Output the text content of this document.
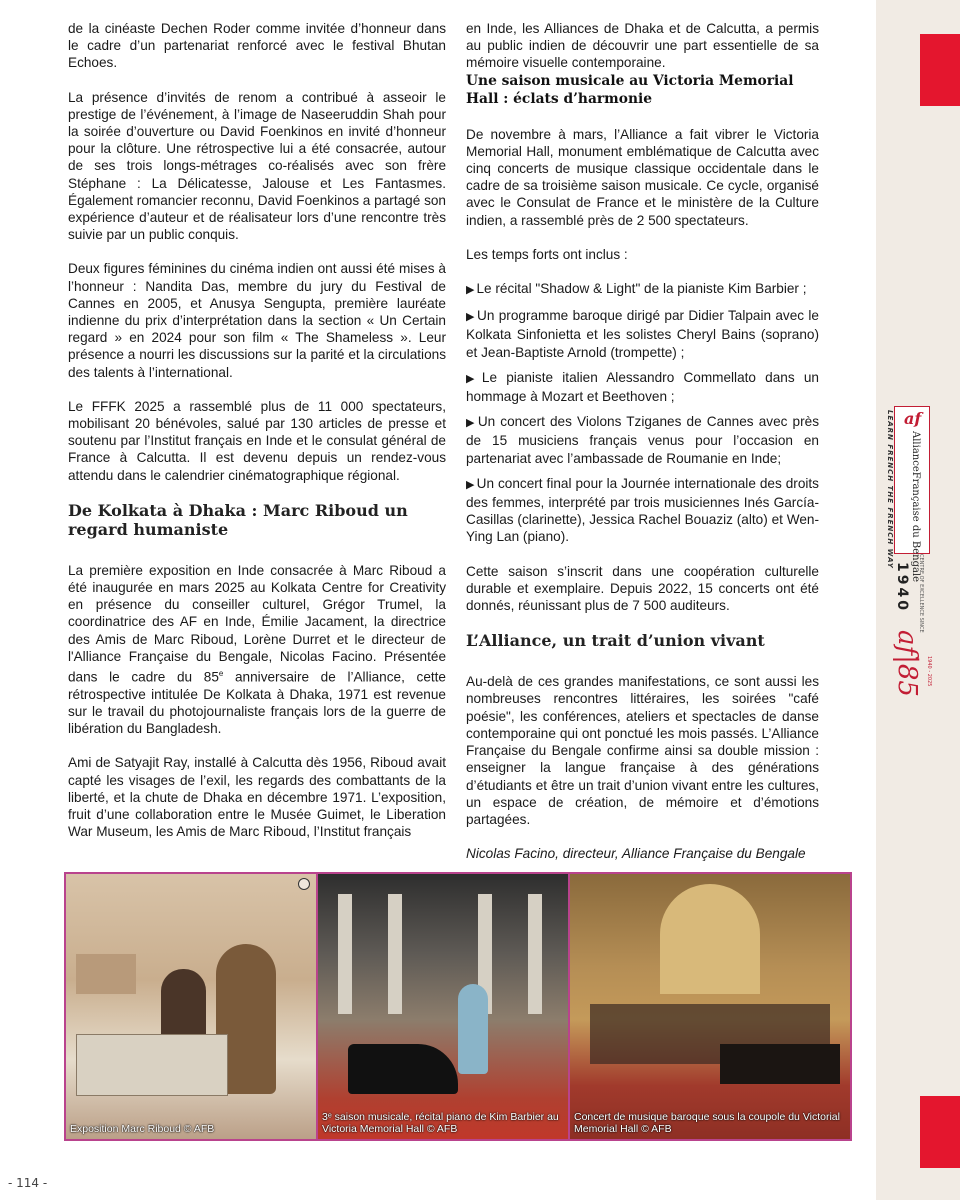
de la cinéaste Dechen Roder comme invitée d’honneur dans le cadre d’un partenariat renforcé avec le festival Bhutan Echoes.

La présence d’invités de renom a contribué à asseoir le prestige de l’événement, à l’image de Naseeruddin Shah pour la soirée d’ouverture ou David Foenkinos en invité d’honneur pour la clôture. Une rétrospective lui a été consacrée, autour de ses trois longs-métrages co-réalisés avec son frère Stéphane : La Délicatesse, Jalouse et Les Fantasmes. Également romancier reconnu, David Foenkinos a partagé son expérience d’auteur et de réalisateur lors d’une rencontre très suivie par un public conquis.

Deux figures féminines du cinéma indien ont aussi été mises à l’honneur : Nandita Das, membre du jury du Festival de Cannes en 2005, et Anusya Sengupta, première lauréate indienne du prix d’interprétation dans la section « Un Certain regard » en 2024 pour son film « The Shameless ». Leur présence a nourri les discussions sur la parité et la circulations des talents à l’international.

Le FFFK 2025 a rassemblé plus de 11 000 spectateurs, mobilisant 20 bénévoles, salué par 130 articles de presse et soutenu par l’Institut français en Inde et le consulat général de France à Calcutta. Il est devenu depuis un rendez-vous attendu dans le calendrier cinématographique régional.

De Kolkata à Dhaka : Marc Riboud un regard humaniste

La première exposition en Inde consacrée à Marc Riboud a été inaugurée en mars 2025 au Kolkata Centre for Creativity en présence du conseiller culturel, Grégor Trumel, la coordinatrice des AF en Inde, Émilie Jacament, la directrice des Amis de Marc Riboud, Lorène Durret et le directeur de l'Alliance Française du Bengale, Nicolas Facino. Présentée dans le cadre du 85e anniversaire de l’Alliance, cette rétrospective intitulée De Kolkata à Dhaka, 1971 est revenue sur le travail du photojournaliste français lors de la guerre de libération du Bangladesh.

Ami de Satyajit Ray, installé à Calcutta dès 1956, Riboud avait capté les visages de l’exil, les regards des combattants de la liberté, et la chute de Dhaka en décembre 1971. L’exposition, fruit d’une collaboration entre le Musée Guimet, le Liberation War Museum, les Amis de Marc Riboud, l’Institut français

en Inde, les Alliances de Dhaka et de Calcutta, a permis au public indien de découvrir une part essentielle de sa mémoire visuelle contemporaine.

Une saison musicale au Victoria Memorial Hall : éclats d’harmonie

De novembre à mars, l’Alliance a fait vibrer le Victoria Memorial Hall, monument emblématique de Calcutta avec cinq concerts de musique classique occidentale dans le cadre de sa troisième saison musicale. Ce cycle, organisé avec le Consulat de France et le ministère de la Culture indien, a rassemblé près de 2 500 spectateurs.

Les temps forts ont inclus :

▶ Le récital "Shadow & Light" de la pianiste Kim Barbier ;
▶ Un programme baroque dirigé par Didier Talpain avec le Kolkata Sinfonietta et les solistes Cheryl Bains (soprano) et Jean-Baptiste Arnold (trompette) ;
▶ Le pianiste italien Alessandro Commellato dans un hommage à Mozart et Beethoven ;
▶ Un concert des Violons Tziganes de Cannes avec près de 15 musiciens français venus pour l’occasion en partenariat avec l’ambassade de Roumanie en Inde;
▶ Un concert final pour la Journée internationale des droits des femmes, interprété par trois musiciennes Inés García-Casillas (clarinette), Jessica Rachel Bouaziz (alto) et Wen-Ying Lan (piano).

Cette saison s’inscrit dans une coopération culturelle durable et exemplaire. Depuis 2022, 15 concerts ont été donnés, réunissant plus de 7 500 auditeurs.

L’Alliance, un trait d’union vivant

Au-delà de ces grandes manifestations, ce sont aussi les nombreuses rencontres littéraires, les soirées "café poésie", les conférences, ateliers et spectacles de danse contemporaine qui ont ponctué les mois passés. L’Alliance Française du Bengale confirme ainsi sa double mission : enseigner la langue française à des générations d’étudiants et être un trait d’union vivant entre les cultures, un espace de création, de mémoire et d’émotions partagées.

Nicolas Facino, directeur, Alliance Française du Bengale

Exposition Marc Riboud © AFB
3ᵉ saison musicale, récital piano de Kim Barbier au Victoria Memorial Hall © AFB
Concert de musique baroque sous la coupole du Victorial Memorial Hall © AFB
- 114 -
LEARN FRENCH THE FRENCH WAY af
AllianceFrançaise du Bengale
CENTRE OF EXCELLENCE SINCE
1940
af|85 1940 - 2025
